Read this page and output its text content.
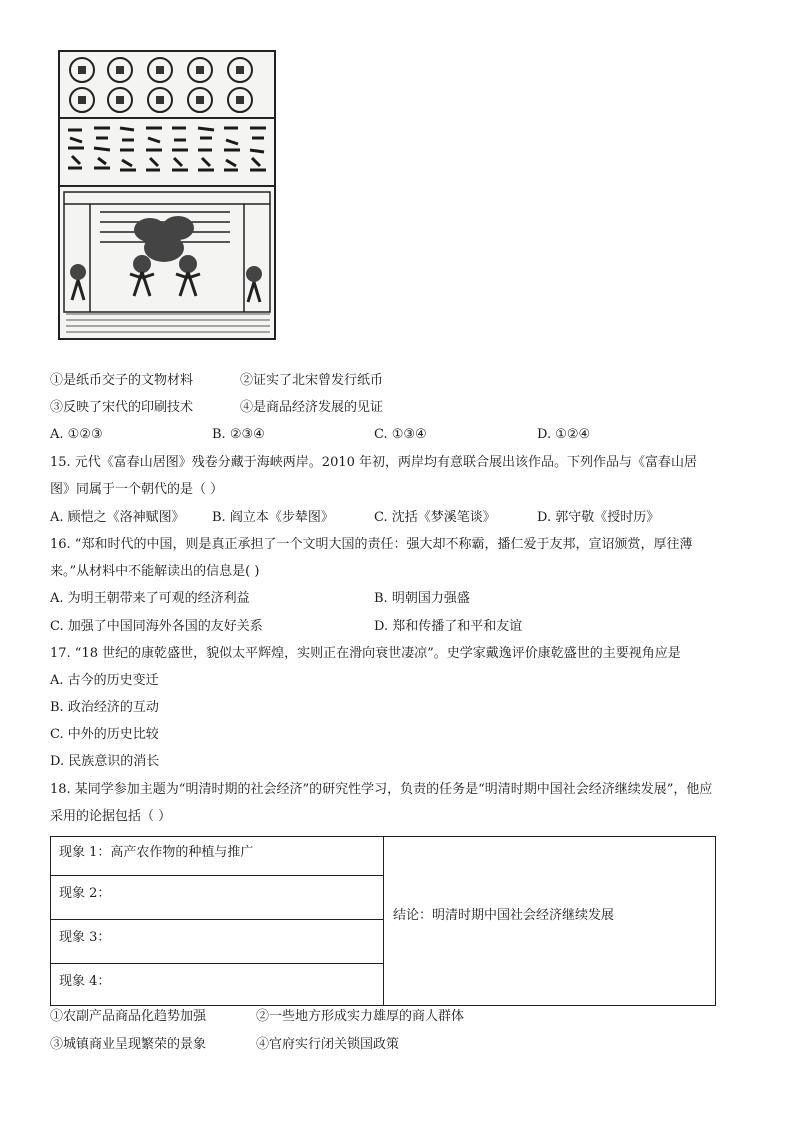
①是纸币交子的文物材料	②证实了北宋曾发行纸币
③反映了宋代的印刷技术	④是商品经济发展的见证
A. ①②③	B. ②③④	C. ①③④	D. ①②④
15. 元代《富春山居图》残卷分藏于海峡两岸。2010 年初，两岸均有意联合展出该作品。下列作品与《富春山居
图》同属于一个朝代的是（ ）
A. 顾恺之《洛神赋图》 B. 阎立本《步辇图》	C. 沈括《梦溪笔谈》	D. 郭守敬《授时历》
16. “郑和时代的中国，则是真正承担了一个文明大国的责任：强大却不称霸，播仁爱于友邦，宣诏颁赏，厚往薄
来。”从材料中不能解读出的信息是( )
A. 为明王朝带来了可观的经济利益	B. 明朝国力强盛
C. 加强了中国同海外各国的友好关系	D. 郑和传播了和平和友谊
17. “18 世纪的康乾盛世，貌似太平辉煌，实则正在滑向衰世凄凉”。史学家戴逸评价康乾盛世的主要视角应是
A. 古今的历史变迁
B. 政治经济的互动
C. 中外的历史比较
D. 民族意识的消长
18. 某同学参加主题为“明清时期的社会经济”的研究性学习，负责的任务是“明清时期中国社会经济继续发展”，他应
采用的论据包括（ ）
现象 1：高产农作物的种植与推广
现象 2：
现象 3：
现象 4：
结论：明清时期中国社会经济继续发展
①农副产品商品化趋势加强	②一些地方形成实力雄厚的商人群体
③城镇商业呈现繁荣的景象	④官府实行闭关锁国政策
